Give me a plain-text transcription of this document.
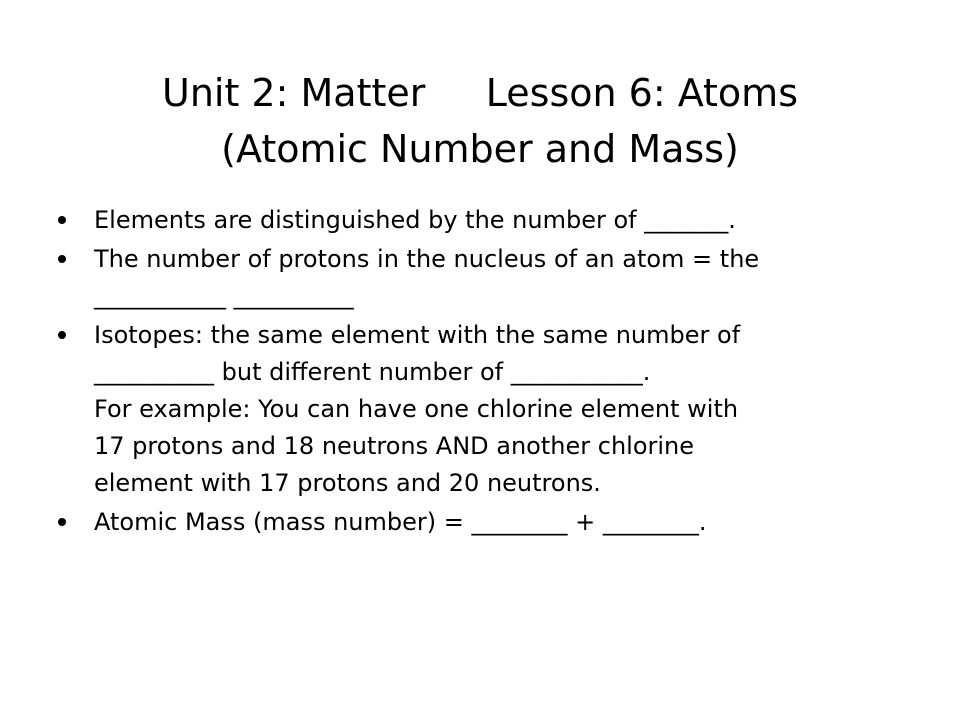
Unit 2: Matter     Lesson 6: Atoms
(Atomic Number and Mass)
Elements are distinguished by the number of _______.
The number of protons in the nucleus of an atom = the
___________ __________
Isotopes: the same element with the same number of
__________ but different number of ___________.
For example: You can have one chlorine element with
17 protons and 18 neutrons AND another chlorine
element with 17 protons and 20 neutrons.
Atomic Mass (mass number) = ________ + ________.
